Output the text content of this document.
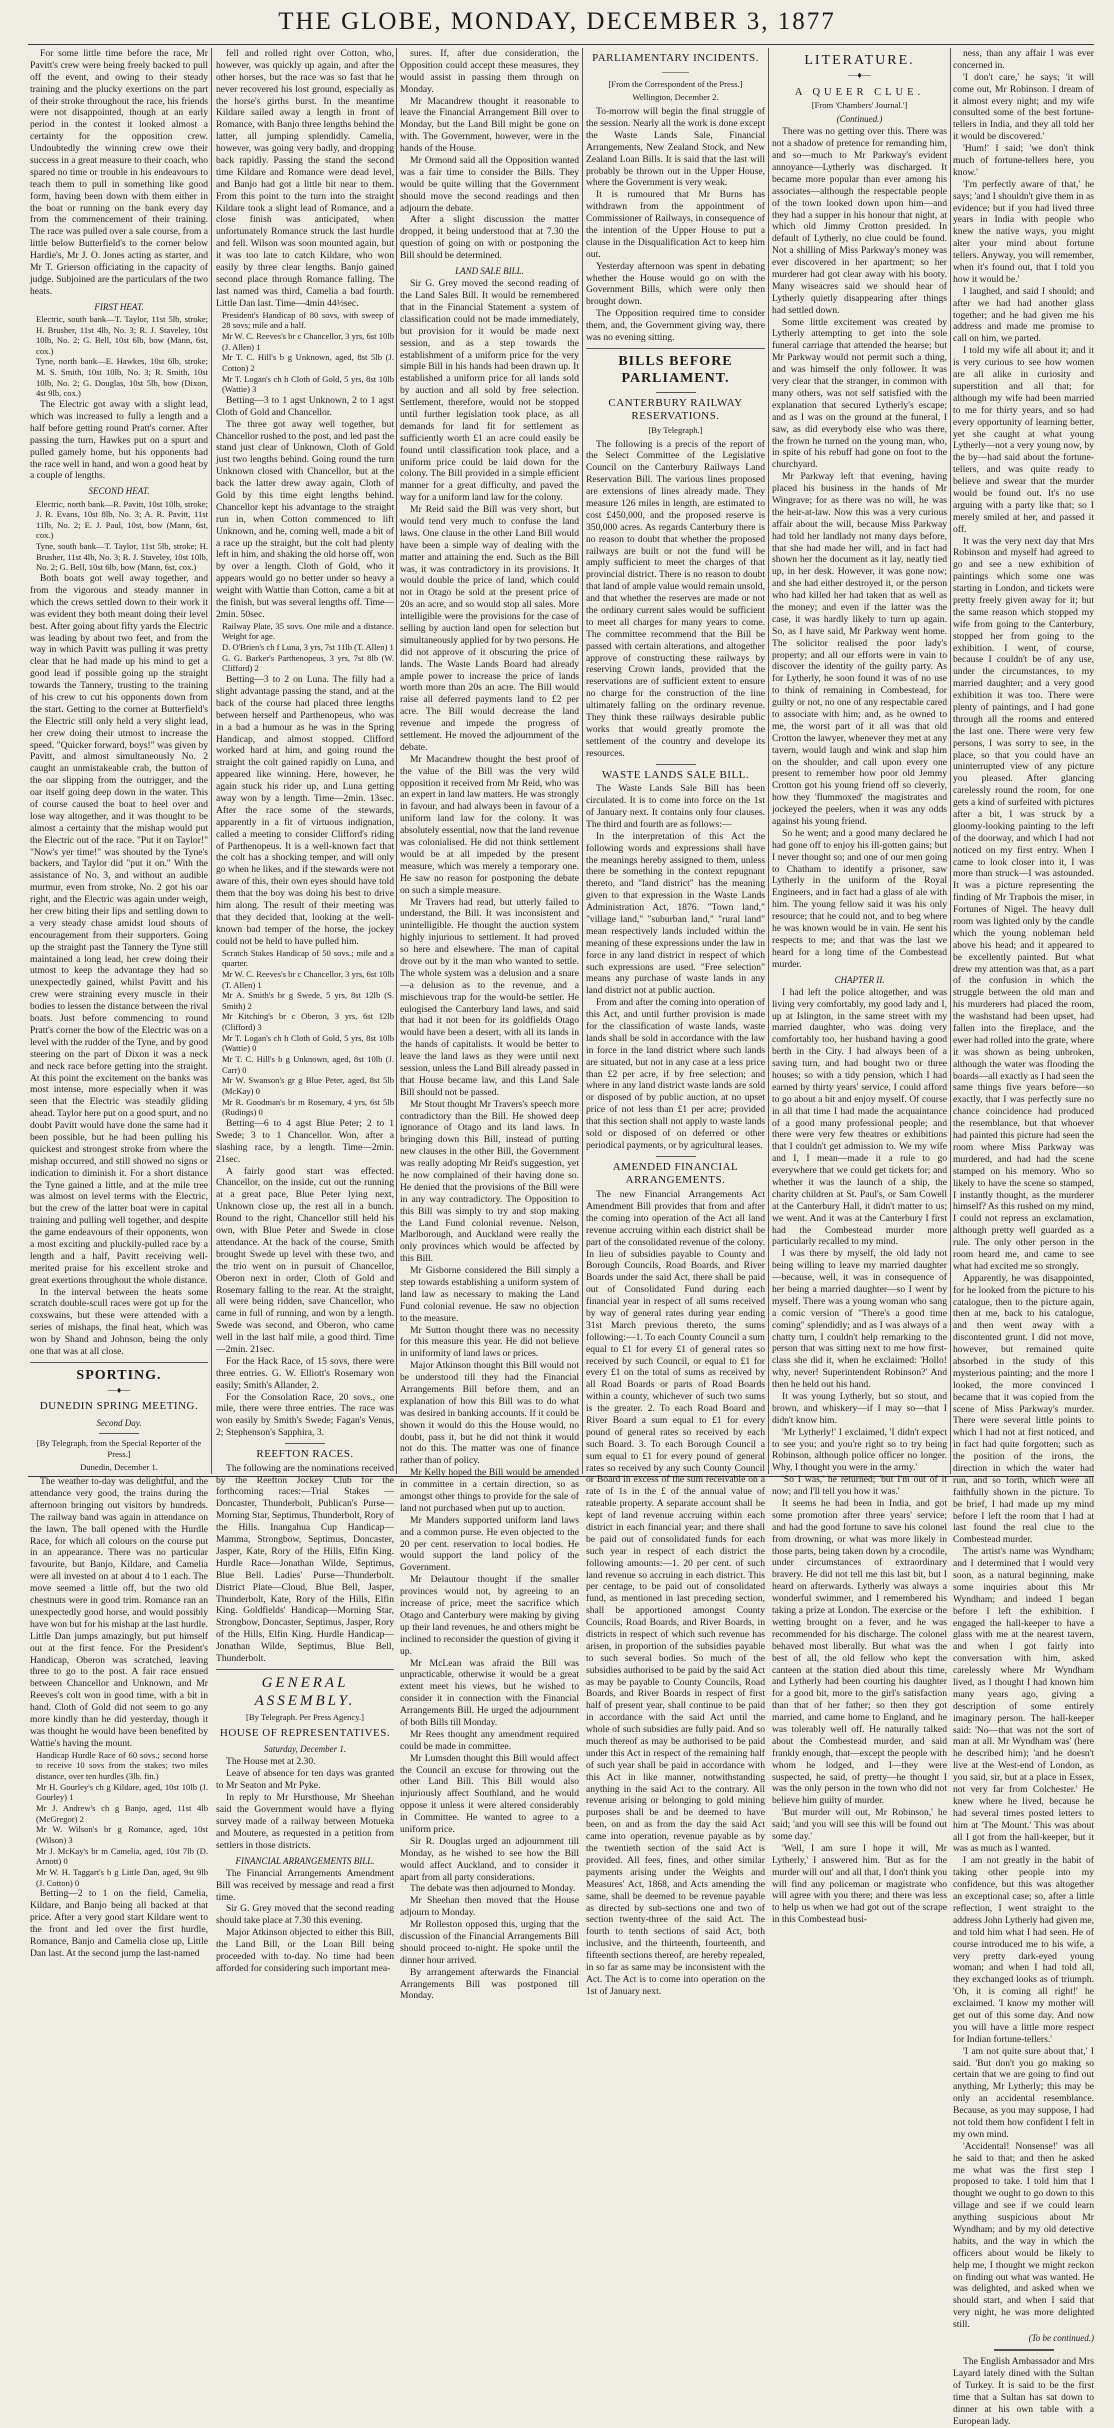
THE GLOBE, MONDAY, DECEMBER 3, 1877

For some little time before the race, Mr Pavitt's crew were being freely backed to pull off the event, and owing to their steady training and the plucky exertions on the part of their stroke throughout the race, his friends were not disappointed, though at an early period in the contest it looked almost a certainty for the opposition crew. Undoubtedly the winning crew owe their success in a great measure to their coach, who spared no time or trouble in his endeavours to teach them to pull in something like good form, having been down with them either in the boat or running on the bank every day from the commencement of their training. The race was pulled over a sale course, from a little below Butterfield's to the corner below Hardie's, Mr J. O. Jones acting as starter, and Mr T. Grierson officiating in the capacity of judge. Subjoined are the particulars of the two heats.

FIRST HEAT.

Electric, south bank—T. Taylor, 11st 5lb, stroke; H. Brusher, 11st 4lb, No. 3; R. J. Staveley, 10st 10lb, No. 2; G. Bell, 10st 6lb, bow (Mann, 6st, cox.)

Tyne, north bank—E. Hawkes, 10st 6lb, stroke; M. S. Smith, 10st 10lb, No. 3; R. Smith, 10st 10lb, No. 2; G. Douglas, 10st 5lb, bow (Dixon, 4st 9lb, cox.)

The Electric got away with a slight lead, which was increased to fully a length and a half before getting round Pratt's corner. After passing the turn, Hawkes put on a spurt and pulled gamely home, but his opponents had the race well in hand, and won a good heat by a couple of lengths.

SECOND HEAT.

Electric, north bank—R. Pavitt, 10st 10lb, stroke; J. R. Evans, 10st 8lb, No. 3; A. R. Pavitt, 11st 11lb, No. 2; E. J. Paul, 10st, bow (Mann, 6st, cox.)

Tyne, south bank—T. Taylor, 11st 5lb, stroke; H. Brusher, 11st 4lb, No. 3; R. J. Staveley, 10st 10lb, No. 2; G. Bell, 10st 6lb, bow (Mann, 6st, cox.)

Both boats got well away together, and from the vigorous and steady manner in which the crews settled down to their work it was evident they both meant doing their level best. After going about fifty yards the Electric was leading by about two feet, and from the way in which Pavitt was pulling it was pretty clear that he had made up his mind to get a good lead if possible going up the straight towards the Tannery, trusting to the training of his crew to cut his opponents down from the start. Getting to the corner at Butterfield's the Electric still only held a very slight lead, her crew doing their utmost to increase the speed. "Quicker forward, boys!" was given by Pavitt, and almost simultaneously No. 2 caught an unmistakeable crab, the button of the oar slipping from the outrigger, and the oar itself going deep down in the water. This of course caused the boat to heel over and lose way altogether, and it was thought to be almost a certainty that the mishap would put the Electric out of the race. "Put it on Taylor!" "Now's yer time!" was shouted by the Tyne's backers, and Taylor did "put it on." With the assistance of No. 3, and without an audible murmur, even from stroke, No. 2 got his oar right, and the Electric was again under weigh, her crew biting their lips and settling down to a very steady chase amidst loud shouts of encouragement from their supporters. Going up the straight past the Tannery the Tyne still maintained a long lead, her crew doing their utmost to keep the advantage they had so unexpectedly gained, whilst Pavitt and his crew were straining every muscle in their bodies to lessen the distance between the rival boats. Just before commencing to round Pratt's corner the bow of the Electric was on a level with the rudder of the Tyne, and by good steering on the part of Dixon it was a neck and neck race before getting into the straight. At this point the excitement on the banks was most intense, more especially when it was seen that the Electric was steadily gliding ahead. Taylor here put on a good spurt, and no doubt Pavitt would have done the same had it been possible, but he had been pulling his quickest and strongest stroke from where the mishap occurred, and still showed no signs or indication to diminish it. For a short distance the Tyne gained a little, and at the mile tree was almost on level terms with the Electric, but the crew of the latter boat were in capital training and pulling well together, and despite the game endeavours of their opponents, won a most exciting and pluckily-pulled race by a length and a half, Pavitt receiving well-merited praise for his excellent stroke and great exertions throughout the whole distance.

In the interval between the heats some scratch double-scull races were got up for the coxswains, but these were attended with a series of mishaps, the final heat, which was won by Shand and Johnson, being the only one that was at all close.

SPORTING.
—♦—
DUNEDIN SPRING MEETING.
Second Day.
[By Telegraph, from the Special Reporter of the Press.]
Dunedin, December 1.

The weather to-day was delightful, and the attendance very good, the trains during the afternoon bringing out visitors by hundreds. The railway band was again in attendance on the lawn. The ball opened with the Hurdle Race, for which all colours on the course put in an appearance. There was no particular favourite, but Banjo, Kildare, and Camelia were all invested on at about 4 to 1 each. The move seemed a little off, but the two old chestnuts were in good trim. Romance ran an unexpectedly good horse, and would possibly have won but for his mishap at the last hurdle. Little Dan jumps amazingly, but put himself out at the first fence. For the President's Handicap, Oberon was scratched, leaving three to go to the post. A fair race ensued between Chancellor and Unknown, and Mr Reeves's colt won in good time, with a bit in hand. Cloth of Gold did not seem to go any more kindly than he did yesterday, though it was thought he would have been benefited by Wattie's having the mount.

Handicap Hurdle Race of 60 sovs.; second horse to receive 10 sovs from the stakes; two miles distance, over ten hurdles (3lb. fin.)

Mr H. Gourley's ch g Kildare, aged, 10st 10lb (J. Gourley) 1

Mr J. Andrew's ch g Banjo, aged, 11st 4lb (McGregor) 2

Mr W. Wilson's br g Romance, aged, 10st (Wilson) 3

Mr J. McKay's br m Camelia, aged, 10st 7lb (D. Arnott) 0

Mr W. H. Taggart's b g Little Dan, aged, 9st 9lb (J. Cotton) 0

Betting—2 to 1 on the field, Camelia, Kildare, and Banjo being all backed at that price. After a very good start Kildare went to the front and led over the first hurdle, Romance, Banjo and Camelia close up, Little Dan last. At the second jump the last-named

fell and rolled right over Cotton, who, however, was quickly up again, and after the other horses, but the race was so fast that he never recovered his lost ground, especially as the horse's girths burst. In the meantime Kildare sailed away a length in front of Romance, with Banjo three lengths behind the latter, all jumping splendidly. Camelia, however, was going very badly, and dropping back rapidly. Passing the stand the second time Kildare and Romance were dead level, and Banjo had got a little bit near to them. From this point to the turn into the straight Kildare took a slight lead of Romance, and a close finish was anticipated, when unfortunately Romance struck the last hurdle and fell. Wilson was soon mounted again, but it was too late to catch Kildare, who won easily by three clear lengths. Banjo gained second place through Romance falling. The last named was third, Camelia a bad fourth. Little Dan last. Time—4min 44½sec.

President's Handicap of 80 sovs, with sweep of 28 sovs; mile and a half.

Mr W. C. Reeves's br c Chancellor, 3 yrs, 6st 10lb (J. Allen) 1

Mr T. C. Hill's b g Unknown, aged, 8st 5lb (J. Cotton) 2

Mr T. Logan's ch h Cloth of Gold, 5 yrs, 8st 10lb (Wattie) 3

Betting—3 to 1 agst Unknown, 2 to 1 agst Cloth of Gold and Chancellor.

The three got away well together, but Chancellor rushed to the post, and led past the stand just clear of Unknown, Cloth of Gold just two lengths behind. Going round the turn Unknown closed with Chancellor, but at the back the latter drew away again, Cloth of Gold by this time eight lengths behind. Chancellor kept his advantage to the straight run in, when Cotton commenced to lift Unknown, and he, coming well, made a bit of a race up the straight, but the colt had plenty left in him, and shaking the old horse off, won by over a length. Cloth of Gold, who it appears would go no better under so heavy a weight with Wattie than Cotton, came a bit at the finish, but was several lengths off. Time—2min. 50sec.

Railway Plate, 35 sovs. One mile and a distance. Weight for age.

D. O'Brien's ch f Luna, 3 yrs, 7st 11lb (T. Allen) 1

G. G. Barker's Parthenopeus, 3 yrs, 7st 8lb (W. Clifford) 2

Betting—3 to 2 on Luna. The filly had a slight advantage passing the stand, and at the back of the course had placed three lengths between herself and Parthenopeus, who was in a bad a humour as he was in the Spring Handicap, and almost stopped. Clifford worked hard at him, and going round the straight the colt gained rapidly on Luna, and appeared like winning. Here, however, he again stuck his rider up, and Luna getting away won by a length. Time—2min. 13sec. After the race some of the stewards, apparently in a fit of virtuous indignation, called a meeting to consider Clifford's riding of Parthenopeus. It is a well-known fact that the colt has a shocking temper, and will only go when he likes, and if the stewards were not aware of this, their own eyes should have told them that the boy was doing his best to drive him along. The result of their meeting was that they decided that, looking at the well-known bad temper of the horse, the jockey could not be held to have pulled him.

Scratch Stakes Handicap of 50 sovs.; mile and a quarter.

Mr W. C. Reeves's br c Chancellor, 3 yrs, 6st 10lb (T. Allen) 1

Mr A. Smith's br g Swede, 5 yrs, 8st 12lb (S. Smith) 2

Mr Kitching's br c Oberon, 3 yrs, 6st 12lb (Clifford) 3

Mr T. Logan's ch h Cloth of Gold, 5 yrs, 8st 10lb (Wattie) 0

Mr T. C. Hill's b g Unknown, aged, 8st 10lb (J. Carr) 0

Mr W. Swanson's gr g Blue Peter, aged, 8st 5lb (McKay) 0

Mr R. Goodman's br m Rosemary, 4 yrs, 6st 5lb (Rudings) 0

Betting—6 to 4 agst Blue Peter; 2 to 1 Swede; 3 to 1 Chancellor. Won, after a slashing race, by a length. Time—2min. 21sec.

A fairly good start was effected. Chancellor, on the inside, cut out the running at a great pace, Blue Peter lying next, Unknown close up, the rest all in a bunch. Round to the right, Chancellor still held his own, with Blue Peter and Swede in close attendance. At the back of the course, Smith brought Swede up level with these two, and the trio went on in pursuit of Chancellor, Oberon next in order, Cloth of Gold and Rosemary falling to the rear. At the straight, all were being ridden, save Chancellor, who came in full of running, and won by a length. Swede was second, and Oberon, who came well in the last half mile, a good third. Time—2min. 21sec.

For the Hack Race, of 15 sovs, there were three entries. G. W. Elliott's Rosemary won easily; Smith's Allander, 2.

For the Consolation Race, 20 sovs., one mile, there were three entries. The race was won easily by Smith's Swede; Fagan's Venus, 2; Stephenson's Sapphira, 3.

REEFTON RACES.

The following are the nominations received by the Reefton Jockey Club for the forthcoming races:—Trial Stakes — Doncaster, Thunderbolt, Publican's Purse—Morning Star, Septimus, Thunderbolt, Rory of the Hills. Inangahua Cup Handicap—Mamma, Strongbow, Septimus, Doncaster, Jasper, Kate, Rory of the Hills, Elfin King. Hurdle Race—Jonathan Wilde, Septimus, Blue Bell. Ladies' Purse—Thunderbolt. District Plate—Cloud, Blue Bell, Jasper, Thunderbolt, Kate, Rory of the Hills, Elfin King. Goldfields' Handicap—Morning Star, Strongbow, Doncaster, Septimus, Jasper, Rory of the Hills, Elfin King. Hurdle Handicap—Jonathan Wilde, Septimus, Blue Bell, Thunderbolt.

GENERAL ASSEMBLY.
[By Telegraph. Per Press Agency.]
HOUSE OF REPRESENTATIVES.
Saturday, December 1.

The House met at 2.30.

Leave of absence for ten days was granted to Mr Seaton and Mr Pyke.

In reply to Mr Hursthouse, Mr Sheehan said the Government would have a flying survey made of a railway between Motueka and Moutere, as requested in a petition from settlers in those districts.

FINANCIAL ARRANGEMENTS BILL.

The Financial Arrangements Amendment Bill was received by message and read a first time.

Sir G. Grey moved that the second reading should take place at 7.30 this evening.

Major Atkinson objected to either this Bill, the Land Bill, or the Loan Bill being proceeded with to-day. No time had been afforded for considering such important mea-

sures. If, after due consideration, the Opposition could accept these measures, they would assist in passing them through on Monday.

Mr Macandrew thought it reasonable to leave the Financial Arrangement Bill over to Monday, but the Land Bill might be gone on with. The Government, however, were in the hands of the House.

Mr Ormond said all the Opposition wanted was a fair time to consider the Bills. They would be quite willing that the Government should move the second readings and then adjourn the debate.

After a slight discussion the matter dropped, it being understood that at 7.30 the question of going on with or postponing the Bill should be determined.

LAND SALE BILL.

Sir G. Grey moved the second reading of the Land Sales Bill. It would be remembered that in the Financial Statement a system of classification could not be made immediately, but provision for it would be made next session, and as a step towards the establishment of a uniform price for the very simple Bill in his hands had been drawn up. It established a uniform price for all lands sold by auction and all sold by free selection. Settlement, therefore, would not be stopped until further legislation took place, as all demands for land fit for settlement as sufficiently worth £1 an acre could easily be found until classification took place, and a uniform price could be laid down for the colony. The Bill provided in a simple efficient manner for a great difficulty, and paved the way for a uniform land law for the colony.

Mr Reid said the Bill was very short, but would tend very much to confuse the land laws. One clause in the other Land Bill would have been a simple way of dealing with the matter and attaining the end. Such as the Bill was, it was contradictory in its provisions. It would double the price of land, which could not in Otago be sold at the present price of 20s an acre, and so would stop all sales. More intelligible were the provisions for the case of selling by auction land open for selection but simultaneously applied for by two persons. He did not approve of it obscuring the price of lands. The Waste Lands Board had already ample power to increase the price of lands worth more than 20s an acre. The Bill would raise all deferred payments land to £2 per acre. The Bill would decrease the land revenue and impede the progress of settlement. He moved the adjournment of the debate.

Mr Macandrew thought the best proof of the value of the Bill was the very wild opposition it received from Mr Reid, who was an expert in land law matters. He was strongly in favour, and had always been in favour of a uniform land law for the colony. It was absolutely essential, now that the land revenue was colonialised. He did not think settlement would be at all impeded by the present measure, which was merely a temporary one. He saw no reason for postponing the debate on such a simple measure.

Mr Travers had read, but utterly failed to understand, the Bill. It was inconsistent and unintelligible. He thought the auction system highly injurious to settlement. It had proved so here and elsewhere. The man of capital drove out by it the man who wanted to settle. The whole system was a delusion and a snare—a delusion as to the revenue, and a mischievous trap for the would-be settler. He eulogised the Canterbury land laws, and said that had it not been for its goldfields Otago would have been a desert, with all its lands in the hands of capitalists. It would be better to leave the land laws as they were until next session, unless the Land Bill already passed in that House became law, and this Land Sale Bill should not be passed.

Mr Stout thought Mr Travers's speech more contradictory than the Bill. He showed deep ignorance of Otago and its land laws. In bringing down this Bill, instead of putting new clauses in the other Bill, the Government was really adopting Mr Reid's suggestion, yet he now complained of their having done so. He denied that the provisions of the Bill were in any way contradictory. The Opposition to this Bill was simply to try and stop making the Land Fund colonial revenue. Nelson, Marlborough, and Auckland were really the only provinces which would be affected by this Bill.

Mr Gisborne considered the Bill simply a step towards establishing a uniform system of land law as necessary to making the Land Fund colonial revenue. He saw no objection to the measure.

Mr Sutton thought there was no necessity for this measure this year. He did not believe in uniformity of land laws or prices.

Major Atkinson thought this Bill would not be understood till they had the Financial Arrangements Bill before them, and an explanation of how this Bill was to do what was desired in banking accounts. If it could be shown it would do this the House would, no doubt, pass it, but he did not think it would not do this. The matter was one of finance rather than of policy.

Mr Kelly hoped the Bill would be amended in committee in a certain direction, so as amongst other things to provide for the sale of land not purchased when put up to auction.

Mr Manders supported uniform land laws and a common purse. He even objected to the 20 per cent. reservation to local bodies. He would support the land policy of the Government.

Mr Delautour thought if the smaller provinces would not, by agreeing to an increase of price, meet the sacrifice which Otago and Canterbury were making by giving up their land revenues, he and others might be inclined to reconsider the question of giving it up.

Mr McLean was afraid the Bill was unpracticable, otherwise it would be a great extent meet his views, but he wished to consider it in connection with the Financial Arrangements Bill. He urged the adjournment of both Bills till Monday.

Mr Rees thought any amendment required could be made in committee.

Mr Lumsden thought this Bill would affect the Council an excuse for throwing out the other Land Bill. This Bill would also injuriously affect Southland, and he would oppose it unless it were altered considerably in Committee. He wanted to agree to a uniform price.

Sir R. Douglas urged an adjournment till Monday, as he wished to see how the Bill would affect Auckland, and to consider it apart from all party considerations.

The debate was then adjourned to Monday.

Mr Sheehan then moved that the House adjourn to Monday.

Mr Rolleston opposed this, urging that the discussion of the Financial Arrangements Bill should proceed to-night. He spoke until the dinner hour arrived.

By arrangement afterwards the Financial Arrangements Bill was postponed till Monday.

PARLIAMENTARY INCIDENTS.
———
[From the Correspondent of the Press.]
Wellington, December 2.

To-morrow will begin the final struggle of the session. Nearly all the work is done except the Waste Lands Sale, Financial Arrangements, New Zealand Stock, and New Zealand Loan Bills. It is said that the last will probably be thrown out in the Upper House, where the Government is very weak.

It is rumoured that Mr Burns has withdrawn from the appointment of Commissioner of Railways, in consequence of the intention of the Upper House to put a clause in the Disqualification Act to keep him out.

Yesterday afternoon was spent in debating whether the House would go on with the Government Bills, which were only then brought down.

The Opposition required time to consider them, and, the Government giving way, there was no evening sitting.

BILLS BEFORE PARLIAMENT.
CANTERBURY RAILWAY RESERVATIONS.
[By Telegraph.]

The following is a precis of the report of the Select Committee of the Legislative Council on the Canterbury Railways Land Reservation Bill. The various lines proposed are extensions of lines already made. They measure 126 miles in length, are estimated to cost £450,000, and the proposed reserve is 350,000 acres. As regards Canterbury there is no reason to doubt that whether the proposed railways are built or not the fund will be amply sufficient to meet the charges of that provincial district. There is no reason to doubt that land of ample value would remain unsold, and that whether the reserves are made or not the ordinary current sales would be sufficient to meet all charges for many years to come. The committee recommend that the Bill be passed with certain alterations, and altogether approve of constructing these railways by reserving Crown lands, provided that the reservations are of sufficient extent to ensure no charge for the construction of the line ultimately falling on the ordinary revenue. They think these railways desirable public works that would greatly promote the settlement of the country and develope its resources.

WASTE LANDS SALE BILL.

The Waste Lands Sale Bill has been circulated. It is to come into force on the 1st of January next. It contains only four clauses. The third and fourth are as follows:—

In the interpretation of this Act the following words and expressions shall have the meanings hereby assigned to them, unless there be something in the context repugnant thereto, and "land district" has the meaning given to that expression in the Waste Lands Administration Act, 1876. "Town land," "village land," "suburban land," "rural land" mean respectively lands included within the meaning of these expressions under the law in force in any land district in respect of which such expressions are used. "Free selection" means any purchase of waste lands in any land district not at public auction.

From and after the coming into operation of this Act, and until further provision is made for the classification of waste lands, waste lands shall be sold in accordance with the law in force in the land district where such lands are situated, but not in any case at a less price than £2 per acre, if by free selection; and where in any land district waste lands are sold or disposed of by public auction, at no upset price of not less than £1 per acre; provided that this section shall not apply to waste lands sold or disposed of on deferred or other periodical payments, or by agricultural leases.

AMENDED FINANCIAL ARRANGEMENTS.

The new Financial Arrangements Act Amendment Bill provides that from and after the coming into operation of the Act all land revenue accruing within each district shall be part of the consolidated revenue of the colony. In lieu of subsidies payable to County and Borough Councils, Road Boards, and River Boards under the said Act, there shall be paid out of Consolidated Fund during each financial year in respect of all sums received by way of general rates during year ending 31st March previous thereto, the sums following:—1. To each County Council a sum equal to £1 for every £1 of general rates so received by such Council, or equal to £1 for every £1 on the total of sums as received by all Road Boards or parts of Road Boards within a county, whichever of such two sums is the greater. 2. To each Road Board and River Board a sum equal to £1 for every pound of general rates so received by each such Board. 3. To each Borough Council a sum equal to £1 for every pound of general rates so received by any such County Council or Board in excess of the sum receivable on a rate of 1s in the £ of the annual value of rateable property. A separate account shall be kept of land revenue accruing within each district in each financial year; and there shall be paid out of consolidated funds for each such year in respect of each district the following amounts:—1. 20 per cent. of such land revenue so accruing in each district. This per centage, to be paid out of consolidated fund, as mentioned in last preceding section, shall be apportioned amongst County Councils, Road Boards, and River Boards, in districts in respect of which such revenue has arisen, in proportion of the subsidies payable to such several bodies. So much of the subsidies authorised to be paid by the said Act as may be payable to County Councils, Road Boards, and River Boards in respect of first half of present year, shall continue to be paid in accordance with the said Act until the whole of such subsidies are fully paid. And so much thereof as may be authorised to be paid under this Act in respect of the remaining half of such year shall be paid in accordance with this Act in like manner, notwithstanding anything in the said Act to the contrary. All revenue arising or belonging to gold mining purposes shall be and be deemed to have been, on and as from the day the said Act came into operation, revenue payable as by the twentieth section of the said Act is provided. All fees, fines, and other similar payments arising under the Weights and Measures' Act, 1868, and Acts amending the same, shall be deemed to be revenue payable as directed by sub-sections one and two of section twenty-three of the said Act. The fourth to tenth sections of said Act, both inclusive, and the thirteenth, fourteenth, and fifteenth sections thereof, are hereby repealed, in so far as same may be inconsistent with the Act. The Act is to come into operation on the 1st of January next.

LITERATURE.
—♦—
A QUEER CLUE.
[From 'Chambers' Journal.']
(Continued.)

There was no getting over this. There was not a shadow of pretence for remanding him, and so—much to Mr Parkway's evident annoyance—Lytherly was discharged. It became more popular than ever among his associates—although the respectable people of the town looked down upon him—and they had a supper in his honour that night, at which old Jimmy Crotton presided. In default of Lytherly, no clue could be found. Not a shilling of Miss Parkway's money was ever discovered in her apartment; so her murderer had got clear away with his booty. Many wiseacres said we should hear of Lytherly quietly disappearing after things had settled down.

Some little excitement was created by Lytherly attempting to get into the sole funeral carriage that attended the hearse; but Mr Parkway would not permit such a thing, and was himself the only follower. It was very clear that the stranger, in common with many others, was not self satisfied with the explanation that secured Lytherly's escape; and as I was on the ground at the funeral, I saw, as did everybody else who was there, the frown he turned on the young man, who, in spite of his rebuff had gone on foot to the churchyard.

Mr Parkway left that evening, having placed his business in the hands of Mr Wingrave; for as there was no will, he was the heir-at-law. Now this was a very curious affair about the will, because Miss Parkway had told her landlady not many days before, that she had made her will, and in fact had shown her the document as it lay, neatly tied up, in her desk. However, it was gone now; and she had either destroyed it, or the person who had killed her had taken that as well as the money; and even if the latter was the case, it was hardly likely to turn up again. So, as I have said, Mr Parkway went home. The solicitor realised the poor lady's property; and all our efforts were in vain to discover the identity of the guilty party. As for Lytherly, he soon found it was of no use to think of remaining in Combestead, for guilty or not, no one of any respectable cared to associate with him; and, as he owned to me, the worst part of it all was that old Crotton the lawyer, whenever they met at any tavern, would laugh and wink and slap him on the shoulder, and call upon every one present to remember how poor old Jemmy Crotton got his young friend off so cleverly, how they 'flummoxed' the magistrates and jockeyed the peelers, when it was any odds against his young friend.

So he went; and a good many declared he had gone off to enjoy his ill-gotten gains; but I never thought so; and one of our men going to Chatham to identify a prisoner, saw Lytherly in the uniform of the Royal Engineers, and in fact had a glass of ale with him. The young fellow said it was his only resource; that he could not, and to beg where he was known would be in vain. He sent his respects to me; and that was the last we heard for a long time of the Combestead murder.

CHAPTER II.

I had left the police altogether, and was living very comfortably, my good lady and I, up at Islington, in the same street with my married daughter, who was doing very comfortably too, her husband having a good berth in the City. I had always been of a saving turn, and had bought two or three houses; so with a tidy pension, which I had earned by thirty years' service, I could afford to go about a bit and enjoy myself. Of course in all that time I had made the acquaintance of a good many professional people; and there were very few theatres or exhibitions that I couldn't get admission to. We my wife and I, I mean—made it a rule to go everywhere that we could get tickets for; and whether it was the launch of a ship, the charity children at St. Paul's, or Sam Cowell at the Canterbury Hall, it didn't matter to us; we went. And it was at the Canterbury I first had the Combestead murder more particularly recalled to my mind.

I was there by myself, the old lady not being willing to leave my married daughter—because, well, it was in consequence of her being a married daughter—so I went by myself. There was a young woman who sang a comic version of "There's a good time coming" splendidly; and as I was always of a chatty turn, I couldn't help remarking to the person that was sitting next to me how first-class she did it, when he exclaimed: 'Hollo! why, never! Superintendent Robinson?' And then he held out his hand.

It was young Lytherly, but so stout, and brown, and whiskery—if I may so—that I didn't know him.

'Mr Lytherly!' I exclaimed, 'I didn't expect to see you; and you're right so to try being Robinson, although police officer no longer. Why, I thought you were in the army.'

'So I was,' he returned; 'but I'm out of it now; and I'll tell you how it was.'

It seems he had been in India, and got some promotion after three years' service; and had the good fortune to save his colonel from drowning, or what was more likely in those parts, being taken down by a crocodile, under circumstances of extraordinary bravery. He did not tell me this last bit, but I heard on afterwards. Lytherly was always a wonderful swimmer, and I remembered his taking a prize at London. The exercise or the wetting brought on a fever, and he was recommended for his discharge. The colonel behaved most liberally. But what was the best of all, the old fellow who kept the canteen at the station died about this time, and Lytherly had been courting his daughter for a good bit, more to the girl's satisfaction than that of her father; so then they got married, and came home to England, and he was tolerably well off. He naturally talked about the Combestead murder, and said frankly enough, that—except the people with whom he lodged, and I—they were suspected, he said, of pretty—he thought I was the only person in the town who did not believe him guilty of murder.

'But murder will out, Mr Robinson,' he said; 'and you will see this will be found out some day.'

'Well, I am sure I hope it will, Mr Lytherly,' I answered him. 'But as for the murder will out' and all that, I don't think you will find any policeman or magistrate who will agree with you there; and there was less to help us when we had got out of the scrape in this Combestead busi-

ness, than any affair I was ever concerned in.

'I don't care,' he says; 'it will come out, Mr Robinson. I dream of it almost every night; and my wife consulted some of the best fortune-tellers in India, and they all told her it would be discovered.'

'Hum!' I said; 'we don't think much of fortune-tellers here, you know.'

'I'm perfectly aware of that,' he says; 'and I shouldn't give them in as evidence; but if you had lived three years in India with people who knew the native ways, you might alter your mind about fortune tellers. Anyway, you will remember, when it's found out, that I told you how it would be.'

I laughed, and said I should; and after we had had another glass together; and he had given me his address and made me promise to call on him, we parted.

I told my wife all about it; and it is very curious to see how women are all alike in curiosity and superstition and all that; for although my wife had been married to me for thirty years, and so had every opportunity of learning better, yet she caught at what young Lytherly—not a very young now, by the by—had said about the fortune-tellers, and was quite ready to believe and swear that the murder would be found out. It's no use arguing with a party like that; so I merely smiled at her, and passed it off.

It was the very next day that Mrs Robinson and myself had agreed to go and see a new exhibition of paintings which some one was starting in London, and tickets were pretty freely given away for it; but the same reason which stopped my wife from going to the Canterbury, stopped her from going to the exhibition. I went, of course, because I couldn't be of any use, under the circumstances, to my married daughter; and a very good exhibition it was too. There were plenty of paintings, and I had gone through all the rooms and entered the last one. There were very few persons, I was sorry to see, in the place, so that you could have an uninterrupted view of any picture you pleased. After glancing carelessly round the room, for one gets a kind of surfeited with pictures after a bit, I was struck by a gloomy-looking painting to the left of the doorway, and which I had not noticed on my first entry. When I came to look closer into it, I was more than struck—I was astounded. It was a picture representing the finding of Mr Trapbois the miser, in Fortunes of Nigel. The heavy dull room was lighted only by the candle which the young nobleman held above his head; and it appeared to be excellently painted. But what drew my attention was that, as a part of the confusion in which the struggle between the old man and his murderers had placed the room, the washstand had been upset, had fallen into the fireplace, and the ewer had rolled into the grate, where it was shown as being unbroken, although the water was flooding the boards—all exactly as I had seen the same things five years before—so exactly, that I was perfectly sure no chance coincidence had produced the resemblance, but that whoever had painted this picture had seen the room where Miss Parkway was murdered, and had had the scene stamped on his memory. Who so likely to have the scene so stamped, I instantly thought, as the murderer himself? As this rushed on my mind, I could not repress an exclamation, although pretty well guarded as a rule. The only other person in the room heard me, and came to see what had excited me so strongly.

Apparently, he was disappointed, for he looked from the picture to his catalogue, then to the picture again, then at me, back to his catalogue, and then went away with a discontented grunt. I did not move, however, but remained quite absorbed in the study of this mysterious painting; and the more I looked, the more convinced I became that it was copied from the scene of Miss Parkway's murder. There were several little points to which I had not at first noticed, and in fact had quite forgotten; such as the position of the irons, the direction in which the water had run, and so forth, which were all faithfully shown in the picture. To be brief, I had made up my mind before I left the room that I had at last found the real clue to the Combestead murder.

The artist's name was Wyndham; and I determined that I would very soon, as a natural beginning, make some inquiries about this Mr Wyndham; and indeed I began before I left the exhibition. I engaged the hall-keeper to have a glass with me at the nearest tavern, and when I got fairly into conversation with him, asked carelessly where Mr Wyndham lived, as I thought I had known him many years ago, giving a description of some entirely imaginary person. The hall-keeper said: 'No—that was not the sort of man at all. Mr Wyndham was' (here he described him); 'and he doesn't live at the West-end of London, as you said, sir, but at a place in Essex, not very far from Colchester.' He knew where he lived, because he had several times posted letters to him at 'The Mount.' This was about all I got from the hall-keeper, but it was as much as I wanted.

I am not greatly in the habit of taking other people into my confidence, but this was altogether an exceptional case; so, after a little reflection, I went straight to the address John Lytherly had given me, and told him what I had seen. He of course introduced me to his wife, a very pretty dark-eyed young woman; and when I had told all, they exchanged looks as of triumph. 'Oh, it is coming all right!' he exclaimed. 'I know my mother will get out of this some day. And now you will have a little more respect for Indian fortune-tellers.'

'I am not quite sure about that,' I said. 'But don't you go making so certain that we are going to find out anything, Mr Lytherly; this may be only an accidental resemblance. Because, as you may suppose, I had not told them how confident I felt in my own mind.

'Accidental! Nonsense!' was all he said to that; and then he asked me what was the first step I proposed to take. I told him that I thought we ought to go down to this village and see if we could learn anything suspicious about Mr Wyndham; and by my old detective habits, and the way in which the officers about would be likely to help me, I thought we might reckon on finding out what was wanted. He was delighted, and asked when we should start, and when I said that very night, he was more delighted still.

(To be continued.)

The English Ambassador and Mrs Layard lately dined with the Sultan of Turkey. It is said to be the first time that a Sultan has sat down to dinner at his own table with a European lady.
